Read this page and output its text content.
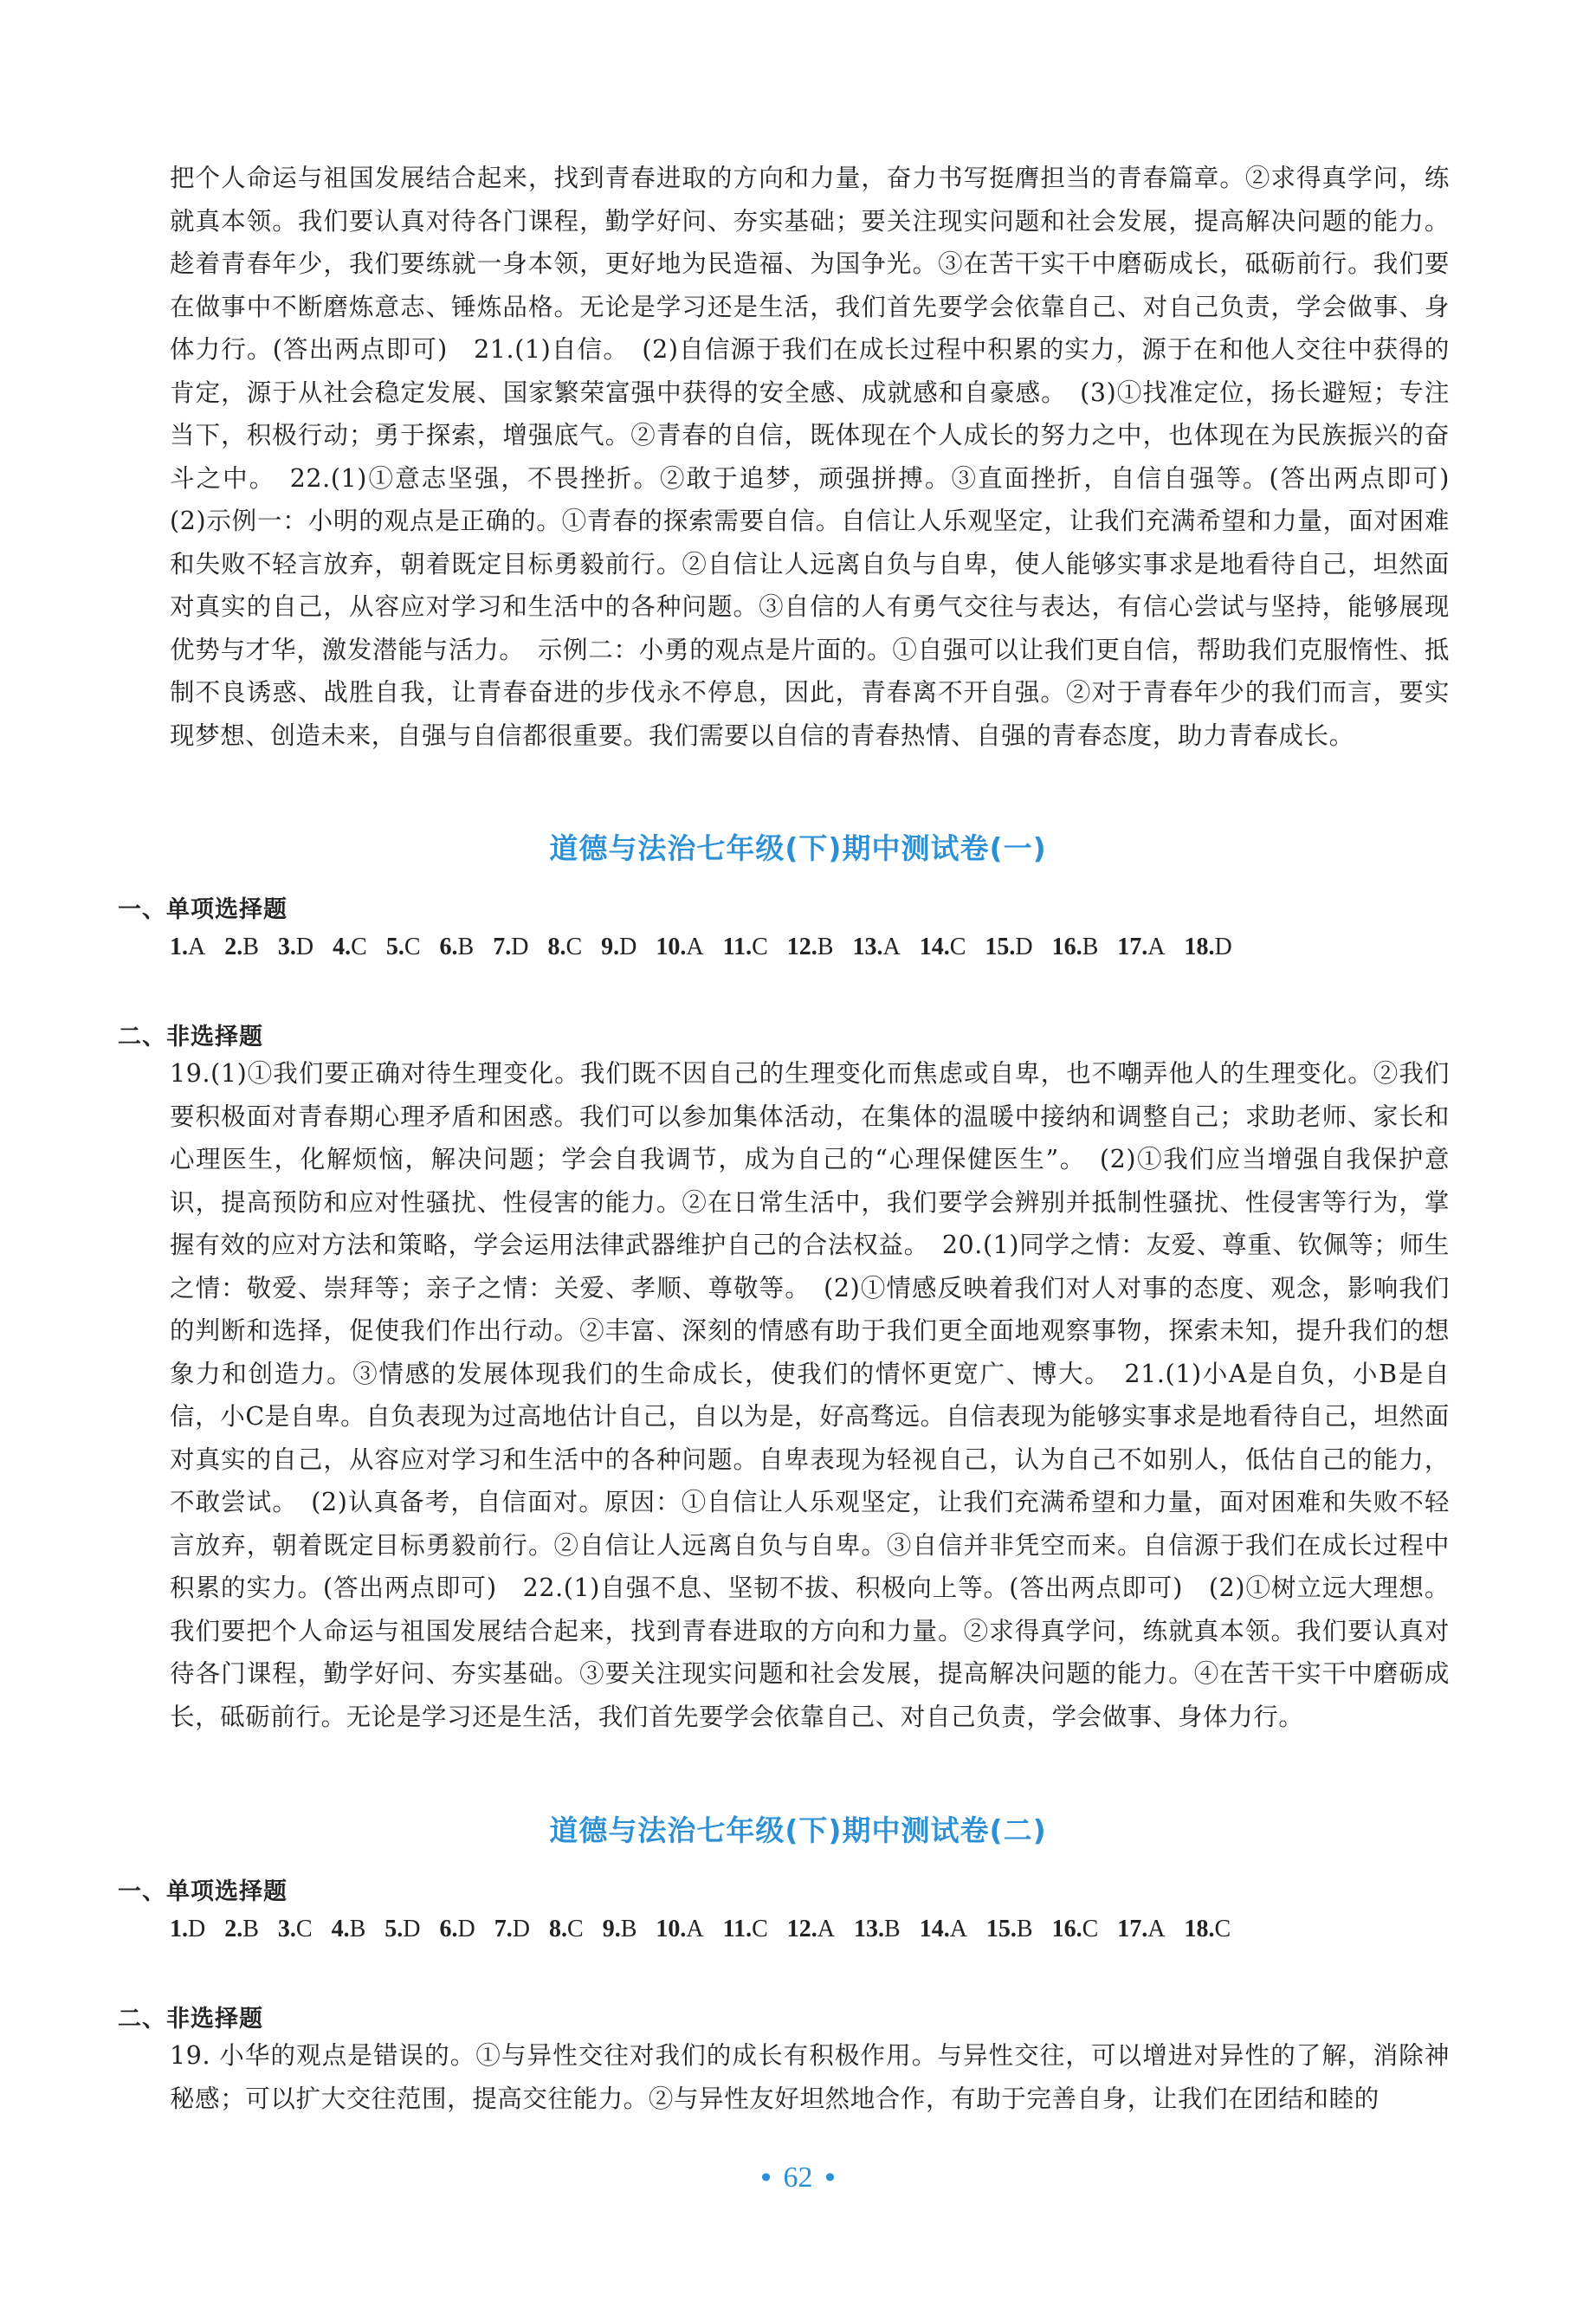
把个人命运与祖国发展结合起来，找到青春进取的方向和力量，奋力书写挺膺担当的青春篇章。②求得真学问，练就真本领。我们要认真对待各门课程，勤学好问、夯实基础；要关注现实问题和社会发展，提高解决问题的能力。趁着青春年少，我们要练就一身本领，更好地为民造福、为国争光。③在苦干实干中磨砺成长，砥砺前行。我们要在做事中不断磨炼意志、锤炼品格。无论是学习还是生活，我们首先要学会依靠自己、对自己负责，学会做事、身体力行。(答出两点即可)　21.(1)自信。　(2)自信源于我们在成长过程中积累的实力，源于在和他人交往中获得的肯定，源于从社会稳定发展、国家繁荣富强中获得的安全感、成就感和自豪感。　(3)①找准定位，扬长避短；专注当下，积极行动；勇于探索，增强底气。②青春的自信，既体现在个人成长的努力之中，也体现在为民族振兴的奋斗之中。　22.(1)①意志坚强，不畏挫折。②敢于追梦，顽强拼搏。③直面挫折，自信自强等。(答出两点即可)　(2)示例一：小明的观点是正确的。①青春的探索需要自信。自信让人乐观坚定，让我们充满希望和力量，面对困难和失败不轻言放弃，朝着既定目标勇毅前行。②自信让人远离自负与自卑，使人能够实事求是地看待自己，坦然面对真实的自己，从容应对学习和生活中的各种问题。③自信的人有勇气交往与表达，有信心尝试与坚持，能够展现优势与才华，激发潜能与活力。　示例二：小勇的观点是片面的。①自强可以让我们更自信，帮助我们克服惰性、抵制不良诱惑、战胜自我，让青春奋进的步伐永不停息，因此，青春离不开自强。②对于青春年少的我们而言，要实现梦想、创造未来，自强与自信都很重要。我们需要以自信的青春热情、自强的青春态度，助力青春成长。
道德与法治七年级(下)期中测试卷(一)
一、单项选择题
1.A 2.B 3.D 4.C 5.C 6.B 7.D 8.C 9.D 10.A 11.C 12.B 13.A 14.C 15.D 16.B 17.A 18.D
二、非选择题
19.(1)①我们要正确对待生理变化。我们既不因自己的生理变化而焦虑或自卑，也不嘲弄他人的生理变化。②我们要积极面对青春期心理矛盾和困惑。我们可以参加集体活动，在集体的温暖中接纳和调整自己；求助老师、家长和心理医生，化解烦恼，解决问题；学会自我调节，成为自己的“心理保健医生”。　(2)①我们应当增强自我保护意识，提高预防和应对性骚扰、性侵害的能力。②在日常生活中，我们要学会辨别并抵制性骚扰、性侵害等行为，掌握有效的应对方法和策略，学会运用法律武器维护自己的合法权益。　20.(1)同学之情：友爱、尊重、钦佩等；师生之情：敬爱、崇拜等；亲子之情：关爱、孝顺、尊敬等。　(2)①情感反映着我们对人对事的态度、观念，影响我们的判断和选择，促使我们作出行动。②丰富、深刻的情感有助于我们更全面地观察事物，探索未知，提升我们的想象力和创造力。③情感的发展体现我们的生命成长，使我们的情怀更宽广、博大。　21.(1)小A是自负，小B是自信，小C是自卑。自负表现为过高地估计自己，自以为是，好高骛远。自信表现为能够实事求是地看待自己，坦然面对真实的自己，从容应对学习和生活中的各种问题。自卑表现为轻视自己，认为自己不如别人，低估自己的能力，不敢尝试。　(2)认真备考，自信面对。原因：①自信让人乐观坚定，让我们充满希望和力量，面对困难和失败不轻言放弃，朝着既定目标勇毅前行。②自信让人远离自负与自卑。③自信并非凭空而来。自信源于我们在成长过程中积累的实力。(答出两点即可)　22.(1)自强不息、坚韧不拔、积极向上等。(答出两点即可)　(2)①树立远大理想。我们要把个人命运与祖国发展结合起来，找到青春进取的方向和力量。②求得真学问，练就真本领。我们要认真对待各门课程，勤学好问、夯实基础。③要关注现实问题和社会发展，提高解决问题的能力。④在苦干实干中磨砺成长，砥砺前行。无论是学习还是生活，我们首先要学会依靠自己、对自己负责，学会做事、身体力行。
道德与法治七年级(下)期中测试卷(二)
一、单项选择题
1.D 2.B 3.C 4.B 5.D 6.D 7.D 8.C 9.B 10.A 11.C 12.A 13.B 14.A 15.B 16.C 17.A 18.C
二、非选择题
19. 小华的观点是错误的。①与异性交往对我们的成长有积极作用。与异性交往，可以增进对异性的了解，消除神秘感；可以扩大交往范围，提高交往能力。②与异性友好坦然地合作，有助于完善自身，让我们在团结和睦的
• 62 •
